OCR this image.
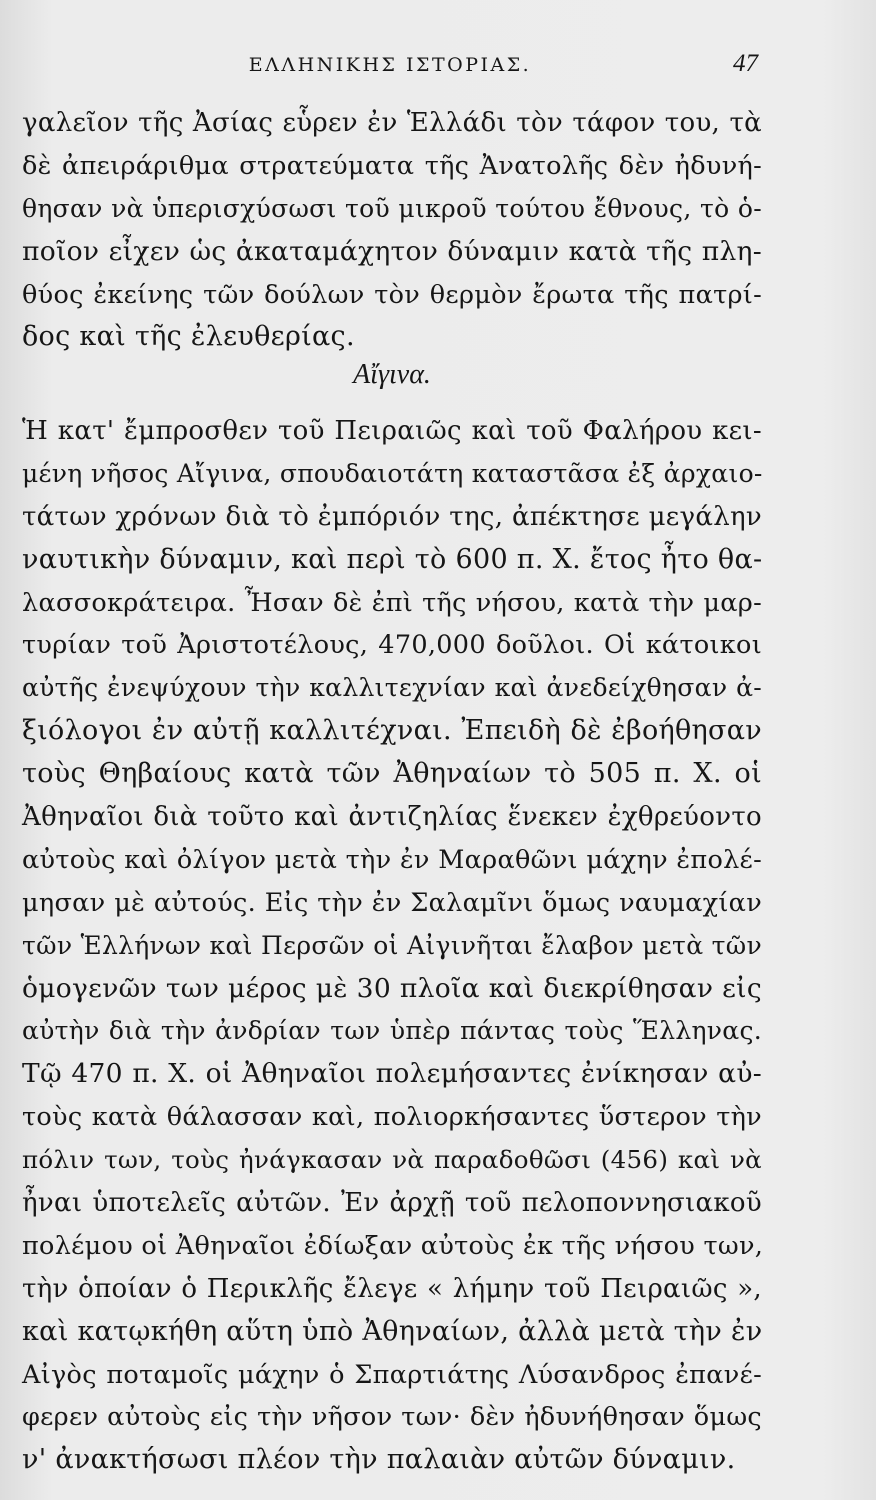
ΕΛΛΗΝΙΚΗΣ ΙΣΤΟΡΙΑΣ.	47
γαλεῖον τῆς Ἀσίας εὗρεν ἐν Ἑλλάδι τὸν τάφον του, τὰ
δὲ ἀπειράριθμα στρατεύματα τῆς Ἀνατολῆς δὲν ἠδυνή-
θησαν νὰ ὑπερισχύσωσι τοῦ μικροῦ τούτου ἔθνους, τὸ ὁ-
ποῖον εἶχεν ὡς ἀκαταμάχητον δύναμιν κατὰ τῆς πλη-
θύος ἐκείνης τῶν δούλων τὸν θερμὸν ἔρωτα τῆς πατρί-
δος καὶ τῆς ἐλευθερίας.
Αἴγινα.
Ἡ κατ' ἔμπροσθεν τοῦ Πειραιῶς καὶ τοῦ Φαλήρου κει-
μένη νῆσος Αἴγινα, σπουδαιοτάτη καταστᾶσα ἐξ ἀρχαιο-
τάτων χρόνων διὰ τὸ ἐμπόριόν της, ἀπέκτησε μεγάλην
ναυτικὴν δύναμιν, καὶ περὶ τὸ 600 π. Χ. ἔτος ἦτο θα-
λασσοκράτειρα. Ἦσαν δὲ ἐπὶ τῆς νήσου, κατὰ τὴν μαρ-
τυρίαν τοῦ Ἀριστοτέλους, 470,000 δοῦλοι. Οἱ κάτοικοι
αὐτῆς ἐνεψύχουν τὴν καλλιτεχνίαν καὶ ἀνεδείχθησαν ἀ-
ξιόλογοι ἐν αὐτῇ καλλιτέχναι. Ἐπειδὴ δὲ ἐβοήθησαν
τοὺς Θηβαίους κατὰ τῶν Ἀθηναίων τὸ 505 π. Χ. οἱ
Ἀθηναῖοι διὰ τοῦτο καὶ ἀντιζηλίας ἕνεκεν ἐχθρεύοντο
αὐτοὺς καὶ ὀλίγον μετὰ τὴν ἐν Μαραθῶνι μάχην ἐπολέ-
μησαν μὲ αὐτούς. Εἰς τὴν ἐν Σαλαμῖνι ὅμως ναυμαχίαν
τῶν Ἑλλήνων καὶ Περσῶν οἱ Αἰγινῆται ἔλαβον μετὰ τῶν
ὁμογενῶν των μέρος μὲ 30 πλοῖα καὶ διεκρίθησαν εἰς
αὐτὴν διὰ τὴν ἀνδρίαν των ὑπὲρ πάντας τοὺς Ἕλληνας.
Τῷ 470 π. Χ. οἱ Ἀθηναῖοι πολεμήσαντες ἐνίκησαν αὐ-
τοὺς κατὰ θάλασσαν καὶ, πολιορκήσαντες ὕστερον τὴν
πόλιν των, τοὺς ἠνάγκασαν νὰ παραδοθῶσι (456) καὶ νὰ
ἦναι ὑποτελεῖς αὐτῶν. Ἐν ἀρχῇ τοῦ πελοποννησιακοῦ
πολέμου οἱ Ἀθηναῖοι ἐδίωξαν αὐτοὺς ἐκ τῆς νήσου των,
τὴν ὁποίαν ὁ Περικλῆς ἔλεγε « λήμην τοῦ Πειραιῶς »,
καὶ κατῳκήθη αὕτη ὑπὸ Ἀθηναίων, ἀλλὰ μετὰ τὴν ἐν
Αἰγὸς ποταμοῖς μάχην ὁ Σπαρτιάτης Λύσανδρος ἐπανέ-
φερεν αὐτοὺς εἰς τὴν νῆσον των· δὲν ἠδυνήθησαν ὅμως
ν' ἀνακτήσωσι πλέον τὴν παλαιὰν αὐτῶν δύναμιν.
